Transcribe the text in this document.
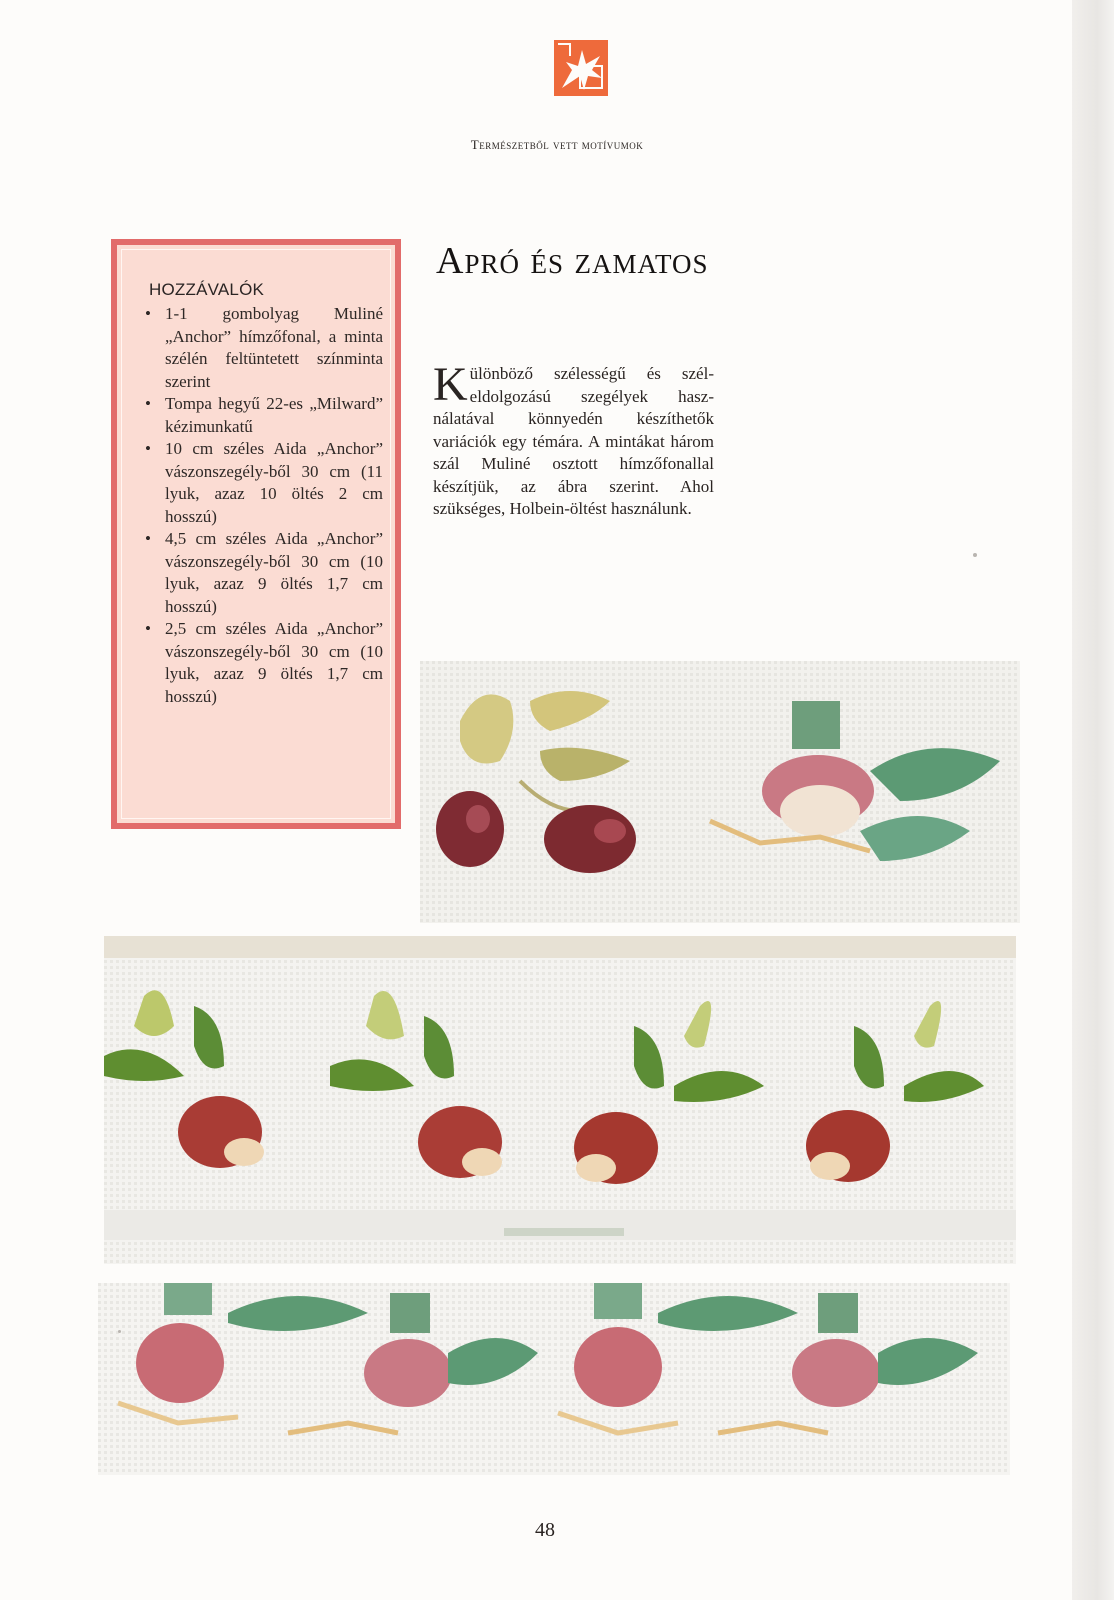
Természetből vett motívumok
HOZZÁVALÓK
• 1-1 gombolyag Muliné „Anchor” hímzőfonal, a minta szélén feltüntetett színminta szerint
• Tompa hegyű 22-es „Milward” kézimunkatű
• 10 cm széles Aida „Anchor” vászonszegély-ből 30 cm (11 lyuk, azaz 10 öltés 2 cm hosszú)
• 4,5 cm széles Aida „Anchor” vászonszegély-ből 30 cm (10 lyuk, azaz 9 öltés 1,7 cm hosszú)
• 2,5 cm széles Aida „Anchor” vászonszegély-ből 30 cm (10 lyuk, azaz 9 öltés 1,7 cm hosszú)
Apró és zamatos
Különböző szélességű és szél-eldolgozású szegélyek hasz-nálatával könnyedén készíthetők variációk egy témára. A mintákat három szál Muliné osztott hímzőfonallal készítjük, az ábra szerint. Ahol szükséges, Holbein-öltést használunk.
48
